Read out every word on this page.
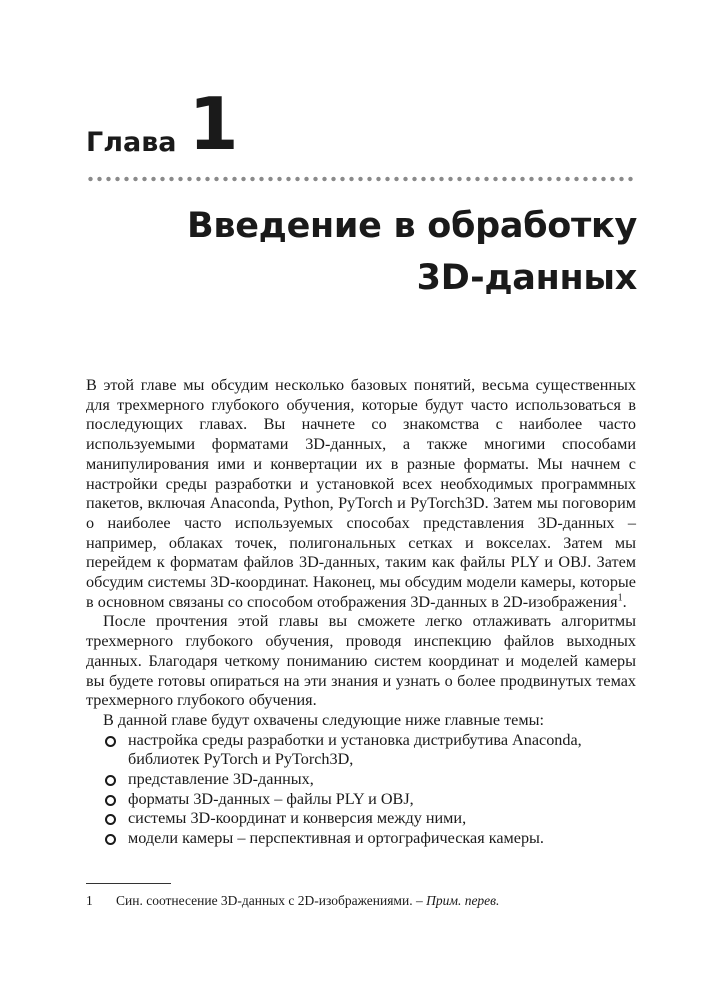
Глава 1
Введение в обработку
3D-данных

В этой главе мы обсудим несколько базовых понятий, весьма существенных для трехмерного глубокого обучения, которые будут часто использоваться в последующих главах. Вы начнете со знакомства с наиболее часто используемыми форматами 3D-данных, а также многими способами манипулирования ими и конвертации их в разные форматы. Мы начнем с настройки среды разработки и установкой всех необходимых программных пакетов, включая Anaconda, Python, PyTorch и PyTorch3D. Затем мы поговорим о наиболее часто используемых способах представления 3D-данных – например, облаках точек, полигональных сетках и вокселах. Затем мы перейдем к форматам файлов 3D-данных, таким как файлы PLY и OBJ. Затем обсудим системы 3D-координат. Наконец, мы обсудим модели камеры, которые в основном связаны со способом отображения 3D-данных в 2D-изображения$^1$.

После прочтения этой главы вы сможете легко отлаживать алгоритмы трехмерного глубокого обучения, проводя инспекцию файлов выходных данных. Благодаря четкому пониманию систем координат и моделей камеры вы будете готовы опираться на эти знания и узнать о более продвинутых темах трехмерного глубокого обучения.

В данной главе будут охвачены следующие ниже главные темы:

настройка среды разработки и установка дистрибутива Anaconda, библиотек PyTorch и PyTorch3D,
представление 3D-данных,
форматы 3D-данных – файлы PLY и OBJ,
системы 3D-координат и конверсия между ними,
модели камеры – перспективная и ортографическая камеры.
1 Син. соотнесение 3D-данных с 2D-изображениями. – Прим. перев.
